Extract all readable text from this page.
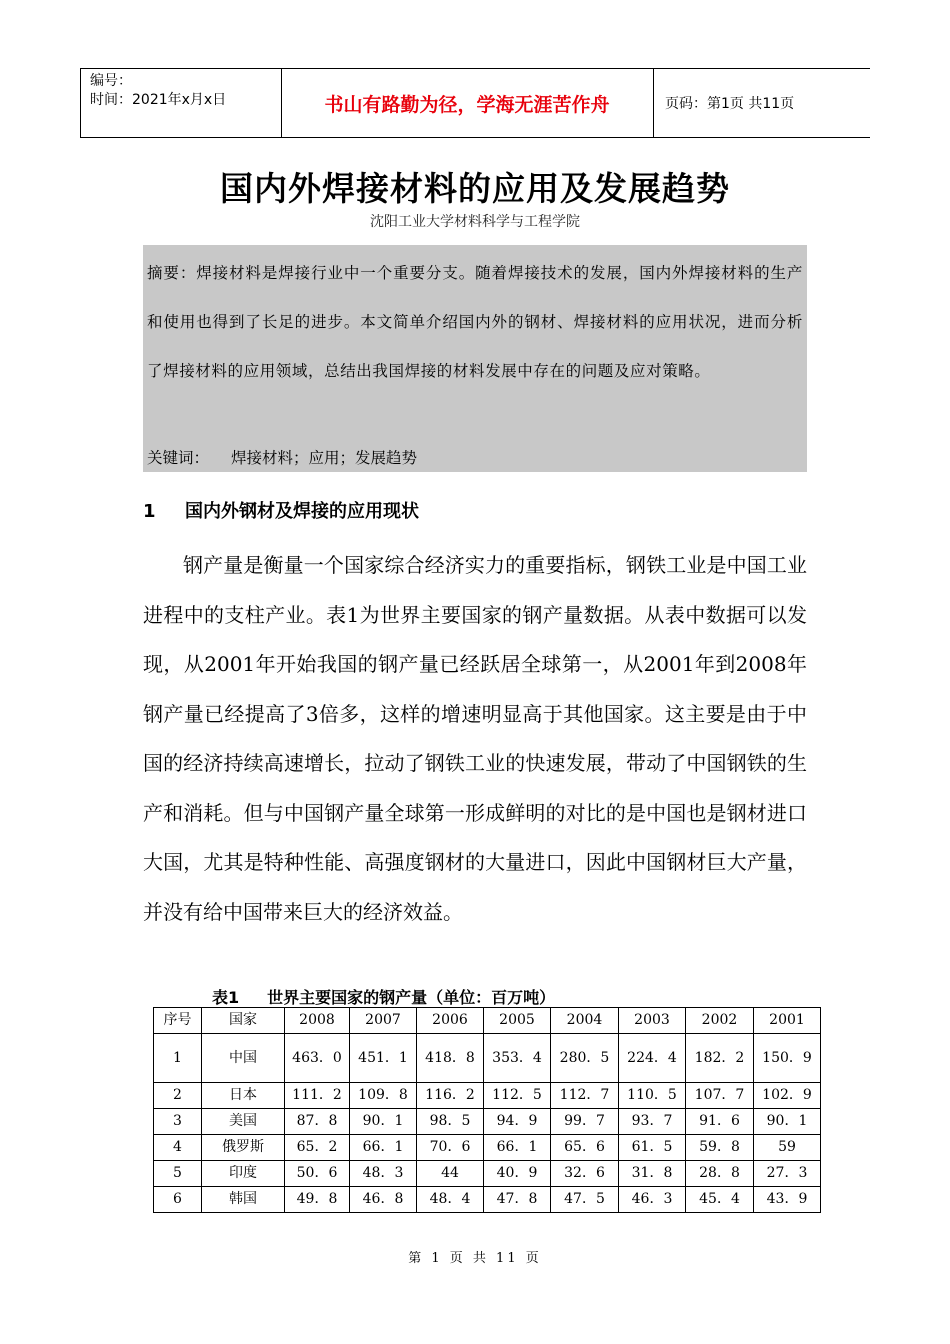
编号：
时间：2021年x月x日	书山有路勤为径，学海无涯苦作舟	页码：第1页 共11页
国内外焊接材料的应用及发展趋势
沈阳工业大学材料科学与工程学院

摘要：焊接材料是焊接行业中一个重要分支。随着焊接技术的发展，国内外焊接材料的生产和使用也得到了长足的进步。本文简单介绍国内外的钢材、焊接材料的应用状况，进而分析了焊接材料的应用领域，总结出我国焊接的材料发展中存在的问题及应对策略。

关键词： 焊接材料；应用；发展趋势
1 国内外钢材及焊接的应用现状

钢产量是衡量一个国家综合经济实力的重要指标，钢铁工业是中国工业进程中的支柱产业。表1为世界主要国家的钢产量数据。从表中数据可以发现，从2001年开始我国的钢产量已经跃居全球第一，从2001年到2008年钢产量已经提高了3倍多，这样的增速明显高于其他国家。这主要是由于中国的经济持续高速增长，拉动了钢铁工业的快速发展，带动了中国钢铁的生产和消耗。但与中国钢产量全球第一形成鲜明的对比的是中国也是钢材进口大国，尤其是特种性能、高强度钢材的大量进口，因此中国钢材巨大产量，并没有给中国带来巨大的经济效益。

表1 世界主要国家的钢产量（单位：百万吨）
序号	国家	2008	2007	2006	2005	2004	2003	2002	2001
1	中国	463．0	451．1	418．8	353．4	280．5	224．4	182．2	150．9
2	日本	111．2	109．8	116．2	112．5	112．7	110．5	107．7	102．9
3	美国	87．8	90．1	98．5	94．9	99．7	93．7	91．6	90．1
4	俄罗斯	65．2	66．1	70．6	66．1	65．6	61．5	59．8	59
5	印度	50．6	48．3	44	40．9	32．6	31．8	28．8	27．3
6	韩国	49．8	46．8	48．4	47．8	47．5	46．3	45．4	43．9
第 1 页 共 11 页
